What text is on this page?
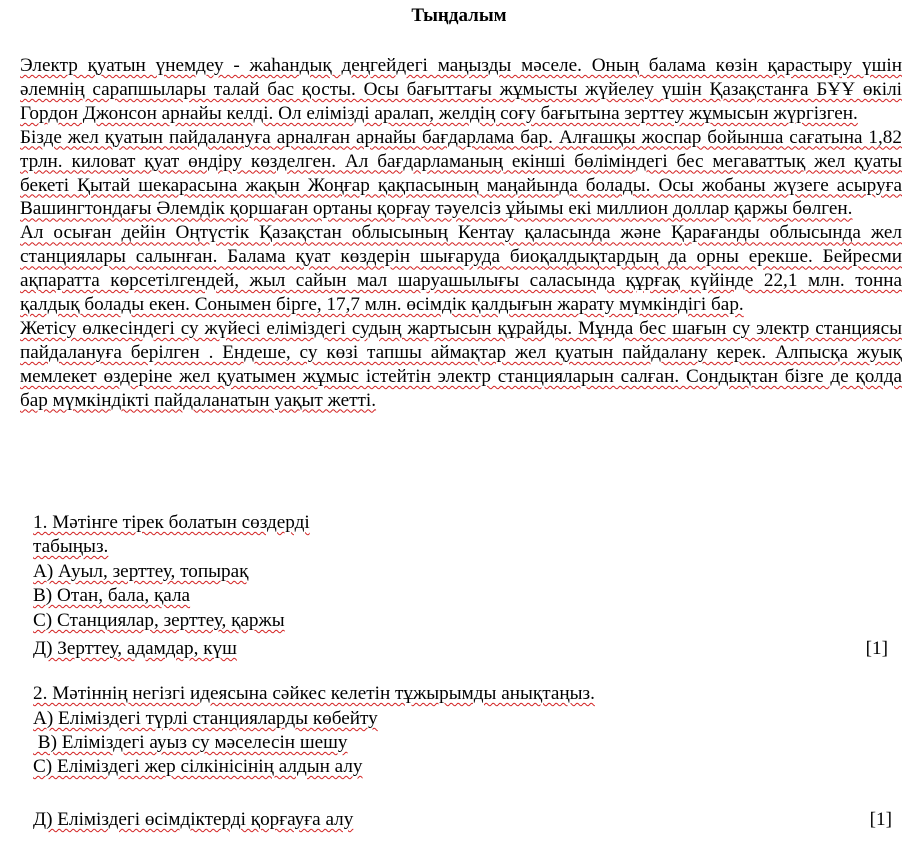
Тыңдалым

Электр қуатын үнемдеу - жаһандық деңгейдегі маңызды мәселе. Оның балама көзін қарастыру үшін әлемнің сарапшылары талай бас қосты. Осы бағыттағы жұмысты жүйелеу үшін Қазақстанға БҰҰ өкілі Гордон Джонсон арнайы келді. Ол елімізді аралап, желдің соғу бағытына зерттеу жұмысын жүргізген.

Бізде жел қуатын пайдалануға арналған арнайы бағдарлама бар. Алғашқы жоспар бойынша сағатына 1,82 трлн. киловат қуат өндіру көзделген. Ал бағдарламаның екінші бөліміндегі бес мегаваттық жел қуаты бекеті Қытай шекарасына жақын Жоңғар қақпасының маңайында болады. Осы жобаны жүзеге асыруға Вашингтондағы Әлемдік қоршаған ортаны қорғау тәуелсіз ұйымы екі миллион доллар қаржы бөлген.

Ал осыған дейін Оңтүстік Қазақстан облысының Кентау қаласында және Қарағанды облысында жел станциялары салынған. Балама қуат көздерін шығаруда биоқалдықтардың да орны ерекше. Бейресми ақпаратта көрсетілгендей, жыл сайын мал шаруашылығы саласында құрғақ күйінде 22,1 млн. тонна қалдық болады екен. Сонымен бірге, 17,7 млн. өсімдік қалдығын жарату мүмкіндігі бар.

Жетісу өлкесіндегі су жүйесі еліміздегі судың жартысын құрайды. Мұнда бес шағын су электр станциясы пайдалануға берілген . Ендеше, су көзі тапшы аймақтар жел қуатын пайдалану керек. Алпысқа жуық мемлекет өздеріне жел қуатымен жұмыс істейтін электр станцияларын салған. Сондықтан бізге де қолда бар мүмкіндікті пайдаланатын уақыт жетті.

1. Мәтінге тірек болатын сөздерді
табыңыз.
А) Ауыл, зерттеу, топырақ
В) Отан, бала, қала
С) Станциялар, зерттеу, қаржы
Д) Зерттеу, адамдар, күш	[1]
2. Мәтіннің негізгі идеясына сәйкес келетін тұжырымды анықтаңыз.
А) Еліміздегі түрлі станцияларды көбейту
В) Еліміздегі ауыз су мәселесін шешу
С) Еліміздегі жер сілкінісінің алдын алу
Д) Еліміздегі өсімдіктерді қорғауға алу	[1]
